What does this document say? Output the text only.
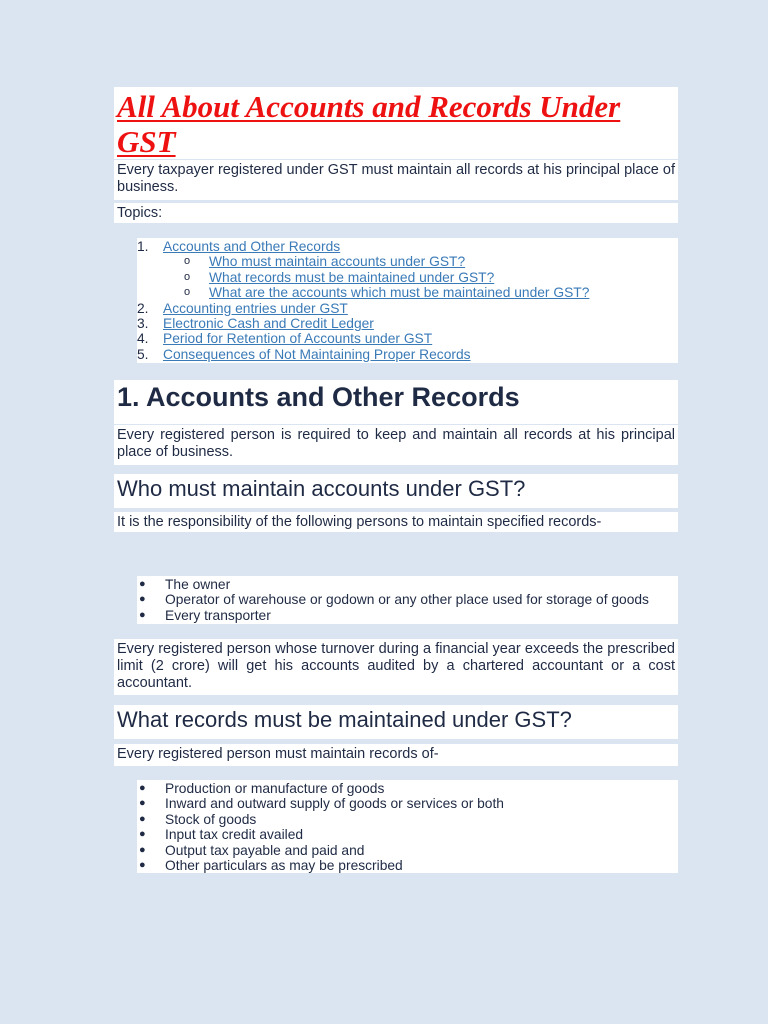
All About Accounts and Records Under GST
Every taxpayer registered under GST must maintain all records at his principal place of business.
Topics:
1.	Accounts and Other Records
o	Who must maintain accounts under GST?
o	What records must be maintained under GST?
o	What are the accounts which must be maintained under GST?
2.	Accounting entries under GST
3.	Electronic Cash and Credit Ledger
4.	Period for Retention of Accounts under GST
5.	Consequences of Not Maintaining Proper Records
1. Accounts and Other Records
Every registered person is required to keep and maintain all records at his principal place of business.
Who must maintain accounts under GST?
It is the responsibility of the following persons to maintain specified records-
●	The owner
●	Operator of warehouse or godown or any other place used for storage of goods
●	Every transporter
Every registered person whose turnover during a financial year exceeds the prescribed limit (2 crore) will get his accounts audited by a chartered accountant or a cost accountant.
What records must be maintained under GST?
Every registered person must maintain records of-
●	Production or manufacture of goods
●	Inward and outward supply of goods or services or both
●	Stock of goods
●	Input tax credit availed
●	Output tax payable and paid and
●	Other particulars as may be prescribed
